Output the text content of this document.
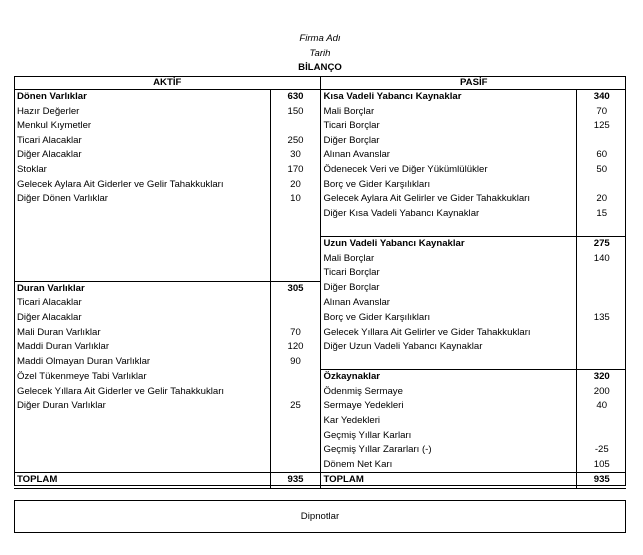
Firma Adı
Tarih
BİLANÇO
AKTİF		PASİF	
Dönen Varlıklar	630	Kısa Vadeli Yabancı Kaynaklar	340
Hazır Değerler	150	Mali Borçlar	70
Menkul Kıymetler		Ticari Borçlar	125
Ticari Alacaklar	250	Diğer Borçlar	
Diğer Alacaklar	30	Alınan Avanslar	60
Stoklar	170	Ödenecek Veri ve Diğer Yükümlülükler	50
Gelecek Aylara Ait Giderler ve Gelir Tahakkukları	20	Borç ve Gider Karşılıkları	
Diğer Dönen Varlıklar	10	Gelecek Aylara Ait Gelirler ve Gider Tahakkukları	20
		Diğer Kısa Vadeli Yabancı Kaynaklar	15

		Uzun Vadeli Yabancı Kaynaklar	275
		Mali Borçlar	140
		Ticari Borçlar	
Duran Varlıklar	305	Diğer Borçlar	
Ticari Alacaklar		Alınan Avanslar	
Diğer Alacaklar		Borç ve Gider Karşılıkları	135
Mali Duran Varlıklar	70	Gelecek Yıllara Ait Gelirler ve Gider Tahakkukları	
Maddi Duran Varlıklar	120	Diğer Uzun Vadeli Yabancı Kaynaklar	
Maddi Olmayan Duran Varlıklar	90		
Özel Tükenmeye Tabi Varlıklar		Özkaynaklar	320
Gelecek Yıllara Ait Giderler ve Gelir Tahakkukları		Ödenmiş Sermaye	200
Diğer Duran Varlıklar	25	Sermaye Yedekleri	40
		Kar Yedekleri	
		Geçmiş Yıllar Karları	
		Geçmiş Yıllar Zararları (-)	-25
		Dönem Net Karı	105
TOPLAM	935	TOPLAM	935
Dipnotlar
